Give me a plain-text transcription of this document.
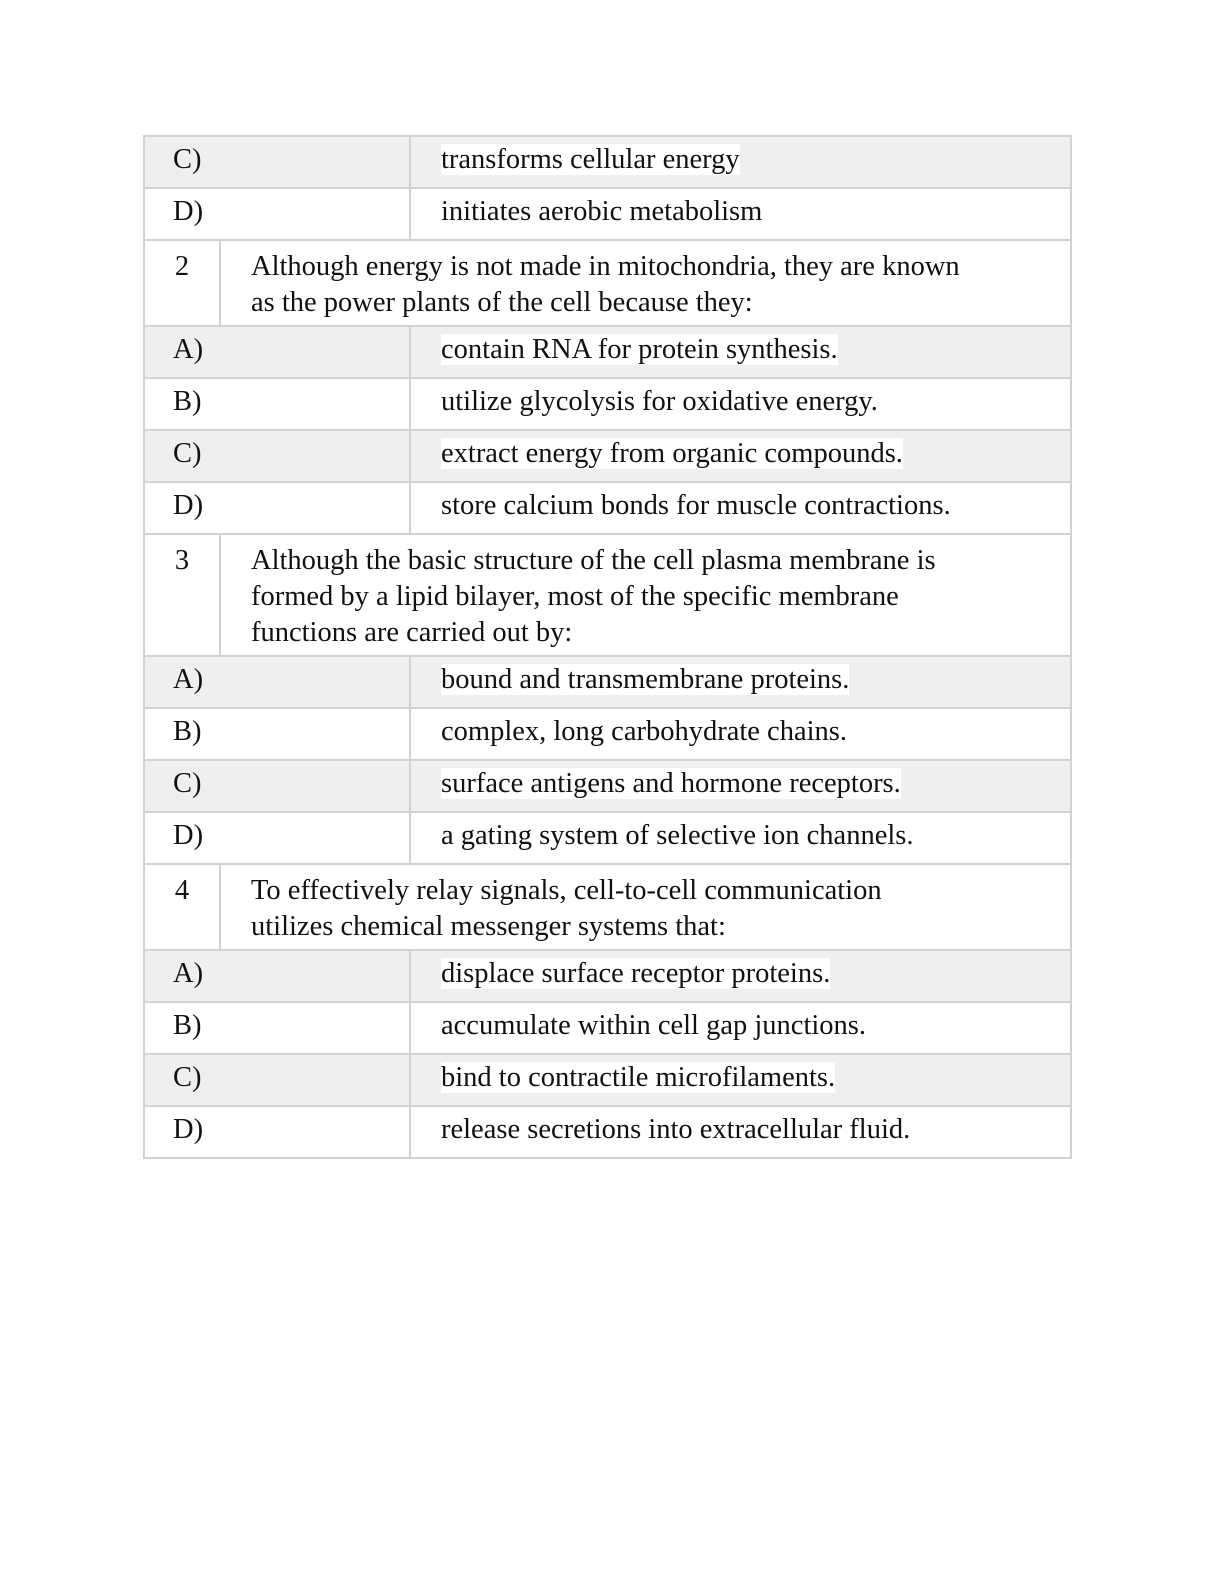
C)		transforms cellular energy
D)		initiates aerobic metabolism
2	Although energy is not made in mitochondria, they are known
as the power plants of the cell because they:	

A)		contain RNA for protein synthesis.
B)		utilize glycolysis for oxidative energy.
C)		extract energy from organic compounds.
D)		store calcium bonds for muscle contractions.
3	Although the basic structure of the cell plasma membrane is
formed by a lipid bilayer, most of the specific membrane
functions are carried out by:	

A)		bound and transmembrane proteins.
B)		complex, long carbohydrate chains.
C)		surface antigens and hormone receptors.
D)		a gating system of selective ion channels.
4	To effectively relay signals, cell-to-cell communication
utilizes chemical messenger systems that:	

A)		displace surface receptor proteins.
B)		accumulate within cell gap junctions.
C)		bind to contractile microfilaments.
D)		release secretions into extracellular fluid.
